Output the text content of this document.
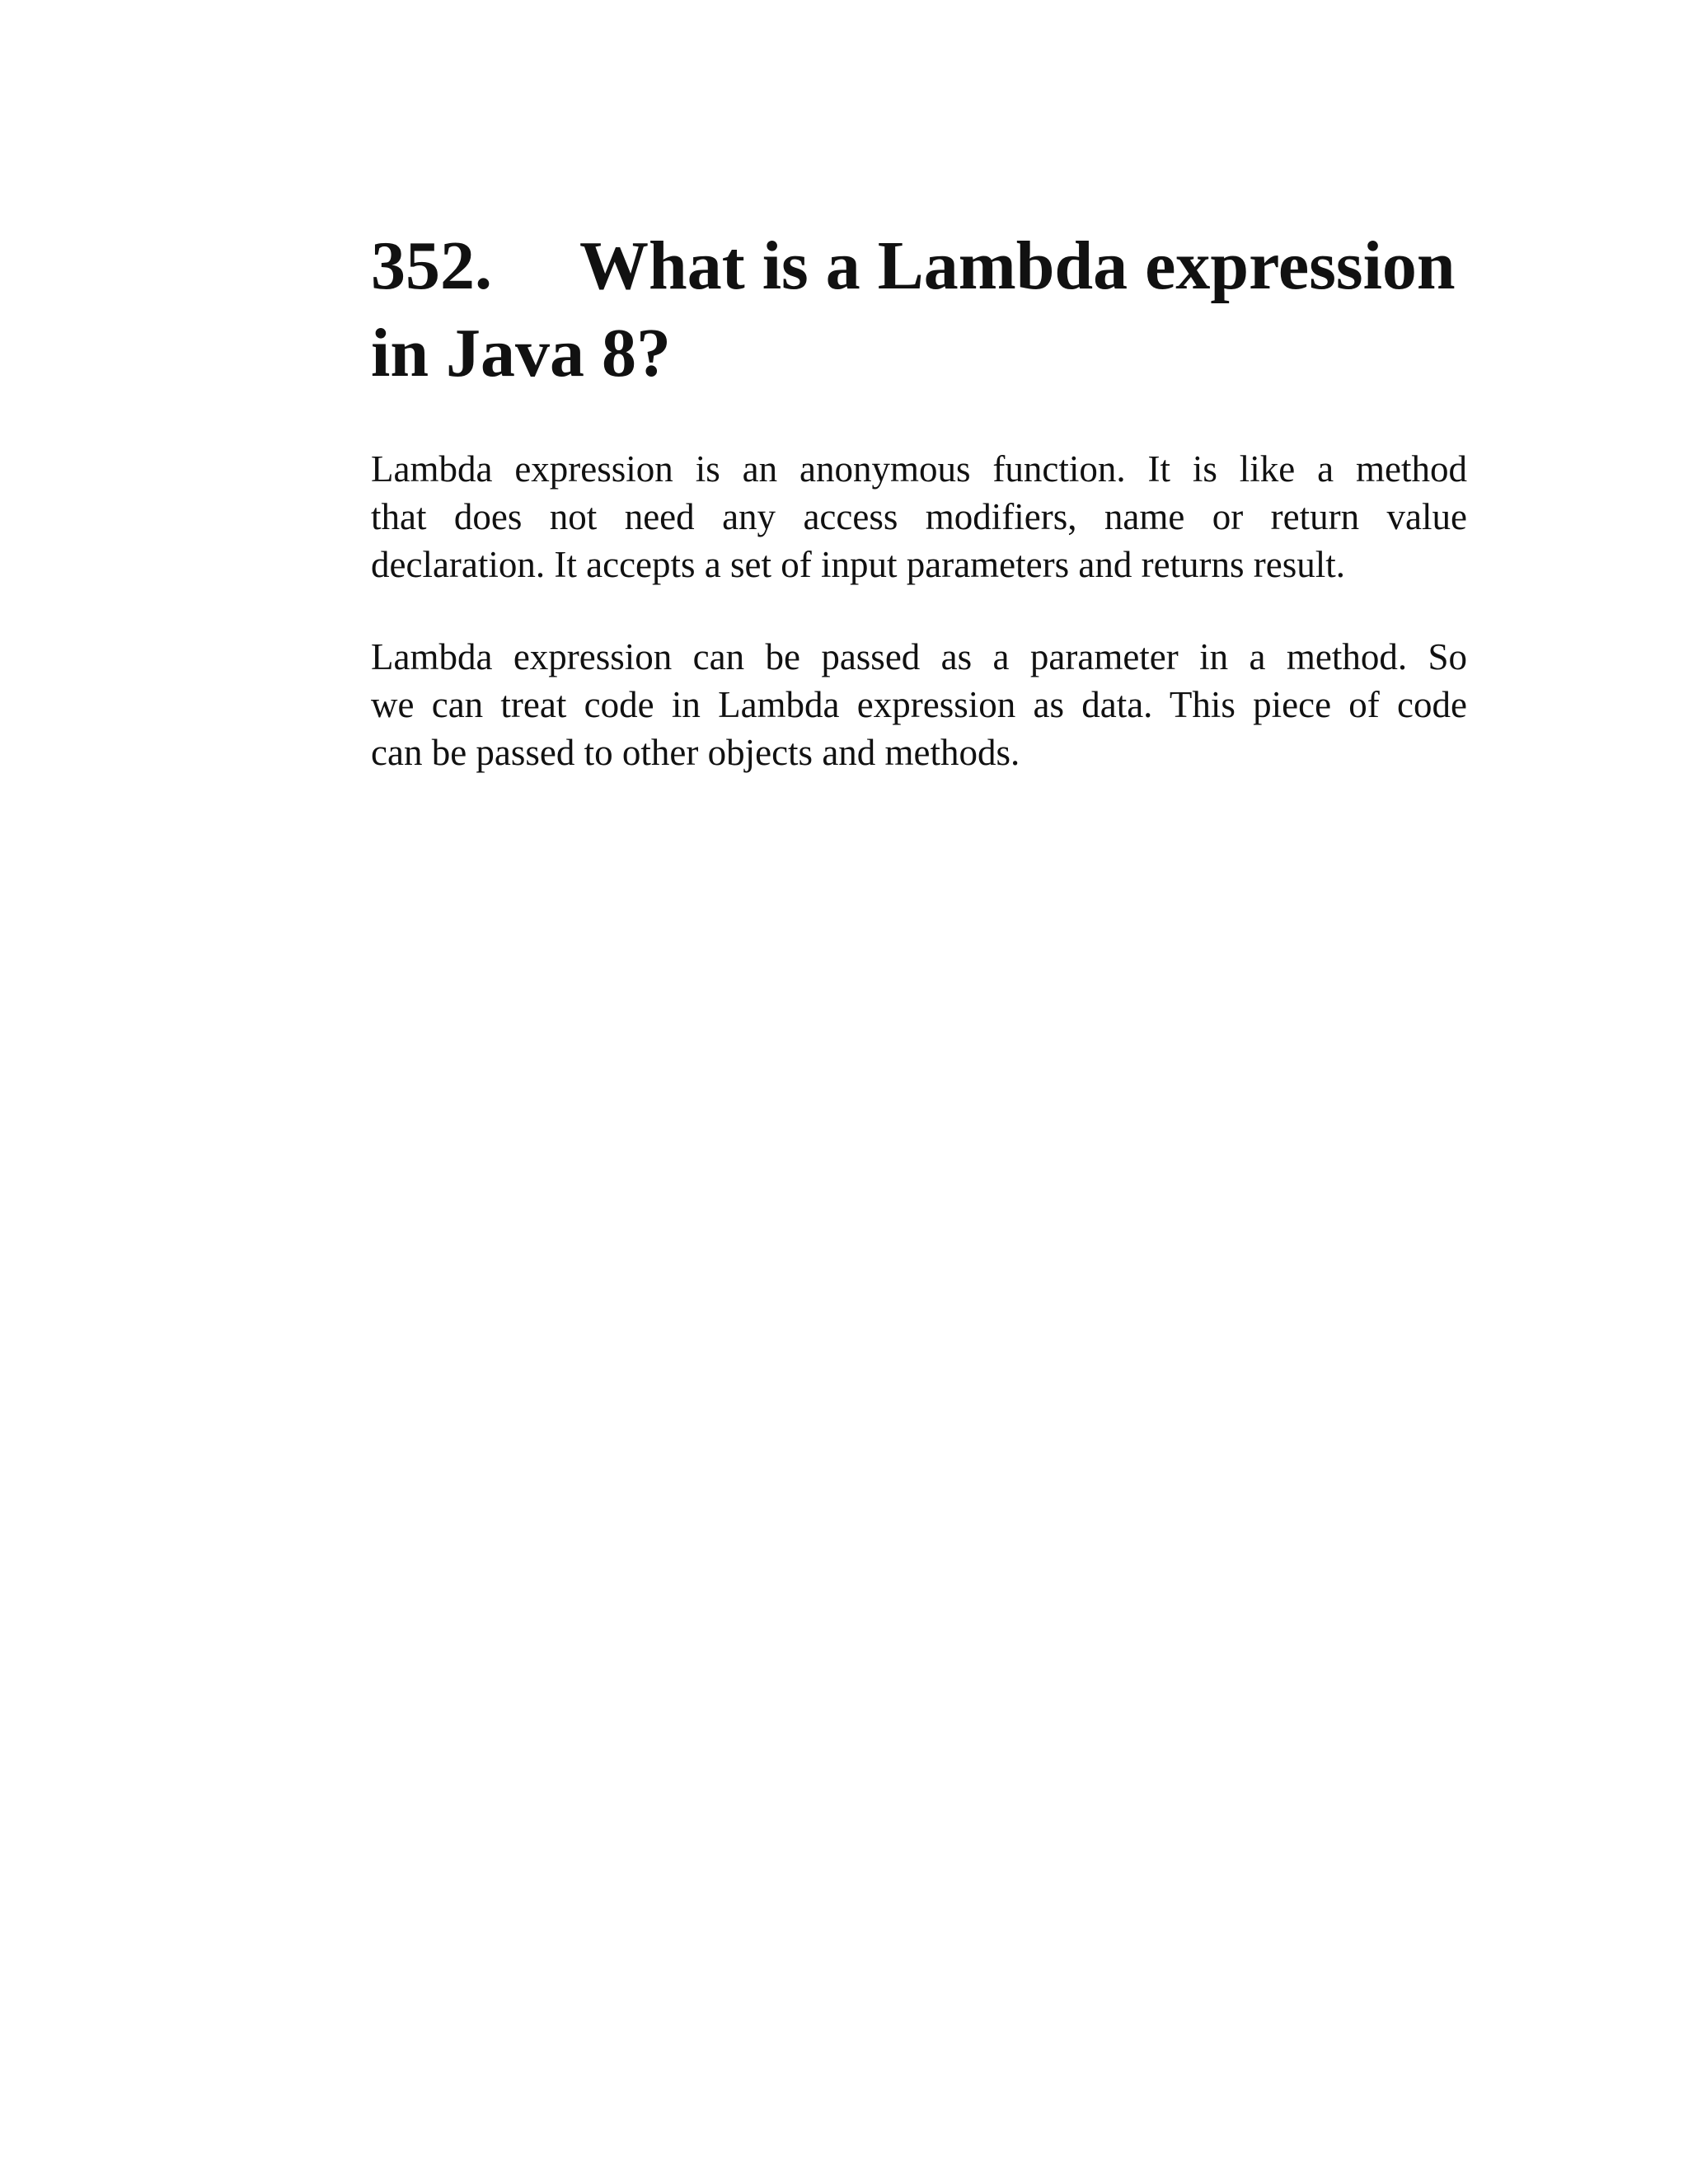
352. What is a Lambda expression
in Java 8?

Lambda expression is an anonymous function. It is like a method
that does not need any access modifiers, name or return value
declaration. It accepts a set of input parameters and returns result.

Lambda expression can be passed as a parameter in a method. So
we can treat code in Lambda expression as data. This piece of code
can be passed to other objects and methods.
